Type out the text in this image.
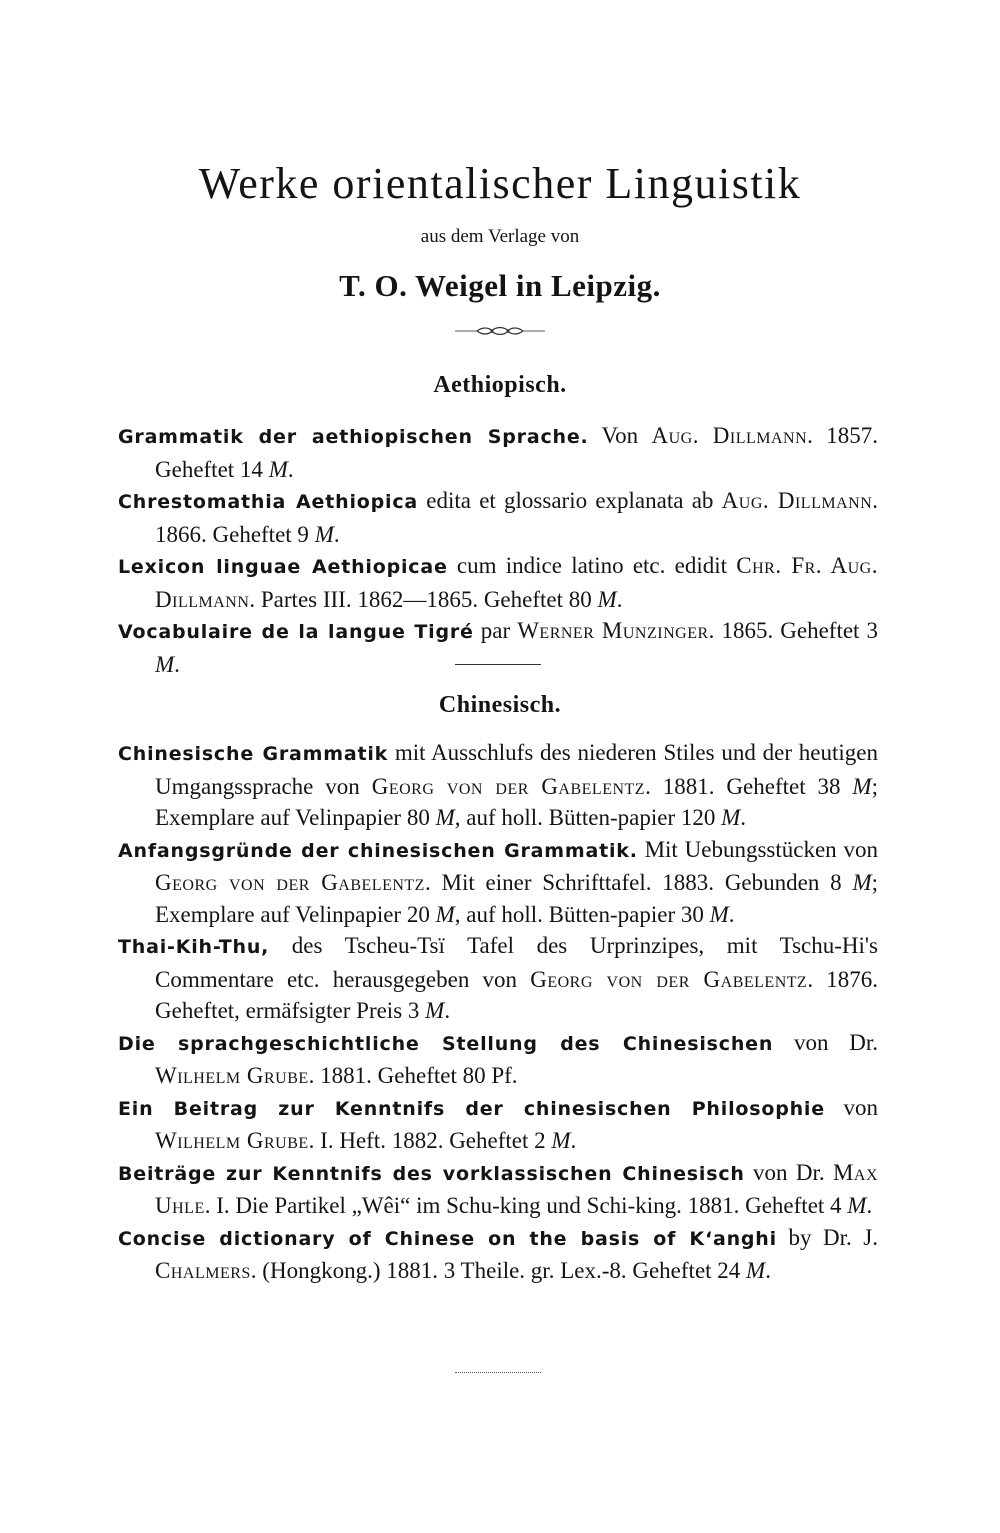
Werke orientalischer Linguistik
aus dem Verlage von
T. O. Weigel in Leipzig.
Aethiopisch.
Grammatik der aethiopischen Sprache. Von Aug. Dillmann. 1857. Geheftet 14 M.
Chrestomathia Aethiopica edita et glossario explanata ab Aug. Dillmann. 1866. Geheftet 9 M.
Lexicon linguae Aethiopicae cum indice latino etc. edidit Chr. Fr. Aug. Dillmann. Partes III. 1862—1865. Geheftet 80 M.
Vocabulaire de la langue Tigré par Werner Munzinger. 1865. Geheftet 3 M.
Chinesisch.
Chinesische Grammatik mit Ausschlufs des niederen Stiles und der heutigen Umgangssprache von Georg von der Gabelentz. 1881. Geheftet 38 M; Exemplare auf Velinpapier 80 M, auf holl. Bütten-papier 120 M.
Anfangsgründe der chinesischen Grammatik. Mit Uebungsstücken von Georg von der Gabelentz. Mit einer Schrifttafel. 1883. Gebunden 8 M; Exemplare auf Velinpapier 20 M, auf holl. Bütten-papier 30 M.
Thai-Kih-Thu, des Tscheu-Tsï Tafel des Urprinzipes, mit Tschu-Hi's Commentare etc. herausgegeben von Georg von der Gabelentz. 1876. Geheftet, ermäfsigter Preis 3 M.
Die sprachgeschichtliche Stellung des Chinesischen von Dr. Wilhelm Grube. 1881. Geheftet 80 Pf.
Ein Beitrag zur Kenntnifs der chinesischen Philosophie von Wilhelm Grube. I. Heft. 1882. Geheftet 2 M.
Beiträge zur Kenntnifs des vorklassischen Chinesisch von Dr. Max Uhle. I. Die Partikel „Wêi“ im Schu-king und Schi-king. 1881. Geheftet 4 M.
Concise dictionary of Chinese on the basis of K‘anghi by Dr. J. Chalmers. (Hongkong.) 1881. 3 Theile. gr. Lex.-8. Geheftet 24 M.
